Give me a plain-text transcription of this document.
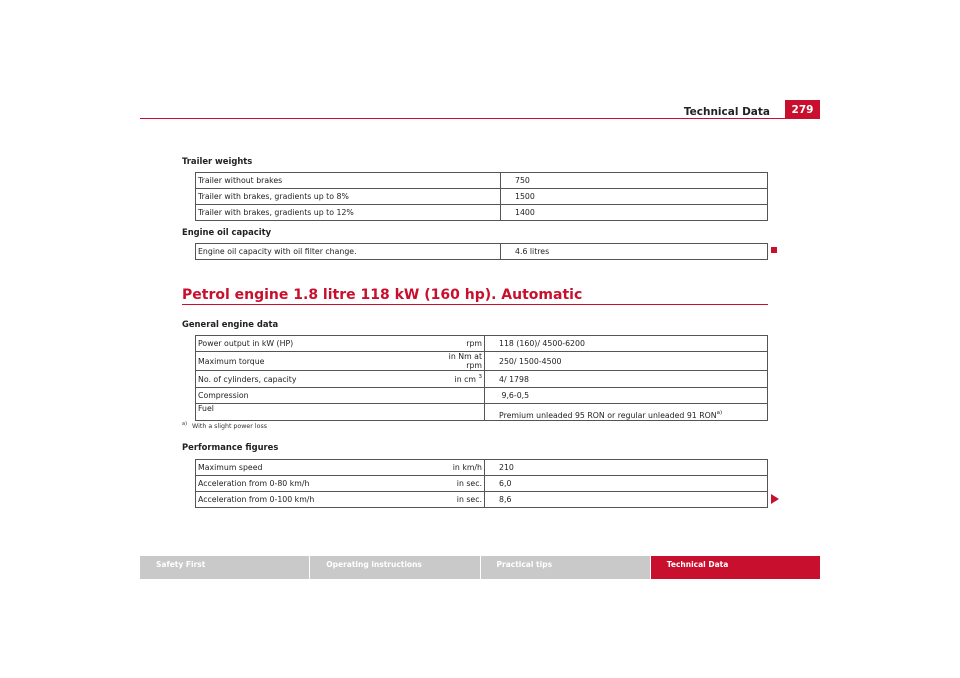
Technical Data	279
Trailer weights
Trailer without brakes	750
Trailer with brakes, gradients up to 8%	1500
Trailer with brakes, gradients up to 12%	1400
Engine oil capacity
Engine oil capacity with oil filter change.	4.6 litres
Petrol engine 1.8 litre 118 kW (160 hp). Automatic
General engine data
Power output in kW (HP)	rpm	118 (160)/ 4500-6200
Maximum torque	in Nm at rpm	250/ 1500-4500
No. of cylinders, capacity	in cm $^3$	4/ 1798
Compression		9,6-0,5
Fuel		Premium unleaded 95 RON or regular unleaded 91 RON$^{a)}$
$^{a)}$ With a slight power loss
Performance figures
Maximum speed	in km/h	210
Acceleration from 0-80 km/h	in sec.	6,0
Acceleration from 0-100 km/h	in sec.	8,6
Safety First	Operating instructions	Practical tips	Technical Data
